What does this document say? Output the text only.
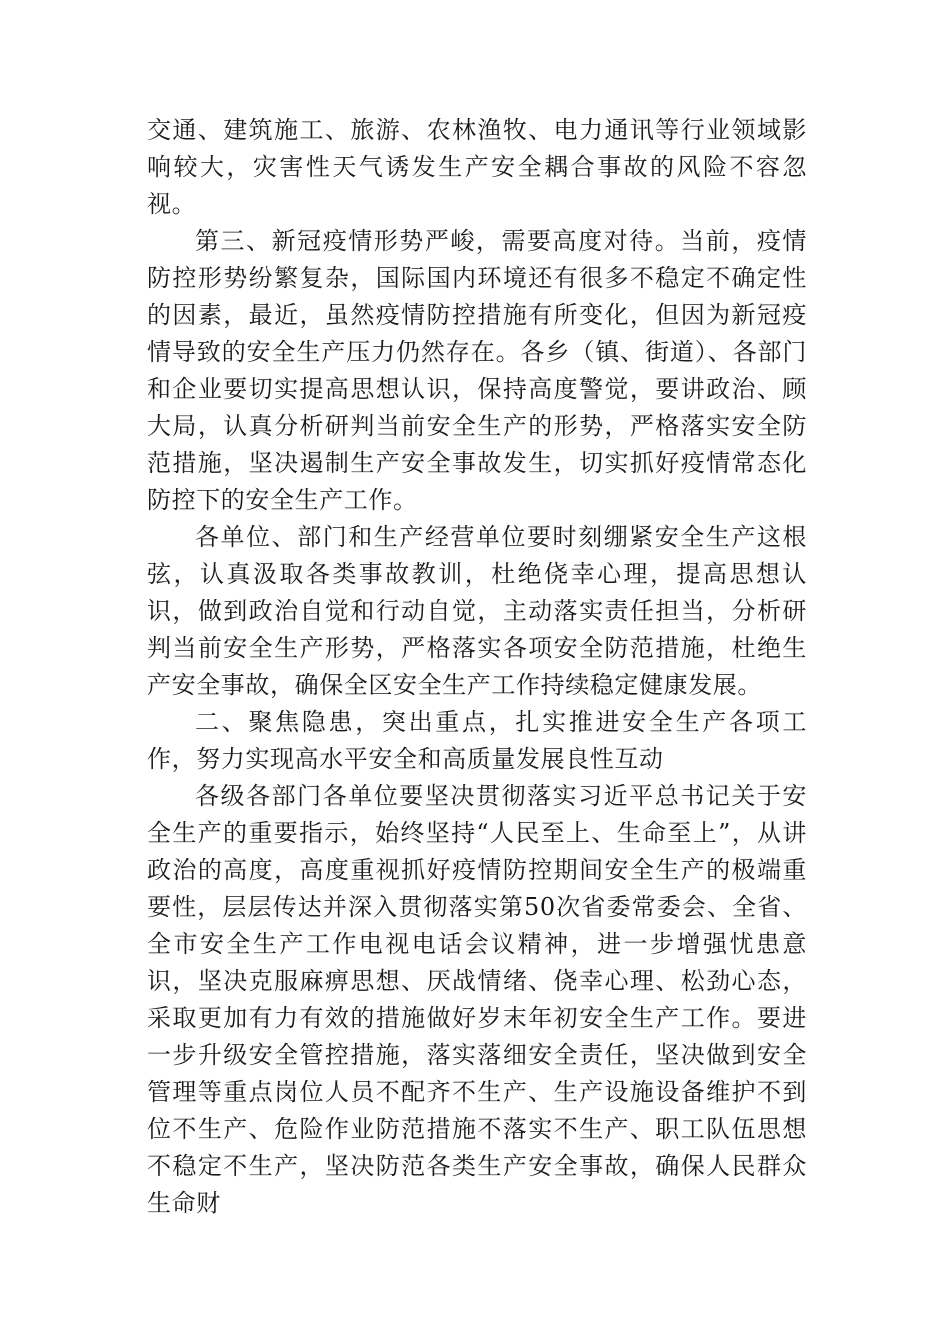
交通、建筑施工、旅游、农林渔牧、电力通讯等行业领域影响较大，灾害性天气诱发生产安全耦合事故的风险不容忽视。

第三、新冠疫情形势严峻，需要高度对待。当前，疫情防控形势纷繁复杂，国际国内环境还有很多不稳定不确定性的因素，最近，虽然疫情防控措施有所变化，但因为新冠疫情导致的安全生产压力仍然存在。各乡（镇、街道）、各部门和企业要切实提高思想认识，保持高度警觉，要讲政治、顾大局，认真分析研判当前安全生产的形势，严格落实安全防范措施，坚决遏制生产安全事故发生，切实抓好疫情常态化防控下的安全生产工作。

各单位、部门和生产经营单位要时刻绷紧安全生产这根弦，认真汲取各类事故教训，杜绝侥幸心理，提高思想认识，做到政治自觉和行动自觉，主动落实责任担当，分析研判当前安全生产形势，严格落实各项安全防范措施，杜绝生产安全事故，确保全区安全生产工作持续稳定健康发展。

二、聚焦隐患，突出重点，扎实推进安全生产各项工作，努力实现高水平安全和高质量发展良性互动

各级各部门各单位要坚决贯彻落实习近平总书记关于安全生产的重要指示，始终坚持“人民至上、生命至上”，从讲政治的高度，高度重视抓好疫情防控期间安全生产的极端重要性，层层传达并深入贯彻落实第50次省委常委会、全省、全市安全生产工作电视电话会议精神，进一步增强忧患意识，坚决克服麻痹思想、厌战情绪、侥幸心理、松劲心态，采取更加有力有效的措施做好岁末年初安全生产工作。要进一步升级安全管控措施，落实落细安全责任，坚决做到安全管理等重点岗位人员不配齐不生产、生产设施设备维护不到位不生产、危险作业防范措施不落实不生产、职工队伍思想不稳定不生产，坚决防范各类生产安全事故，确保人民群众生命财
